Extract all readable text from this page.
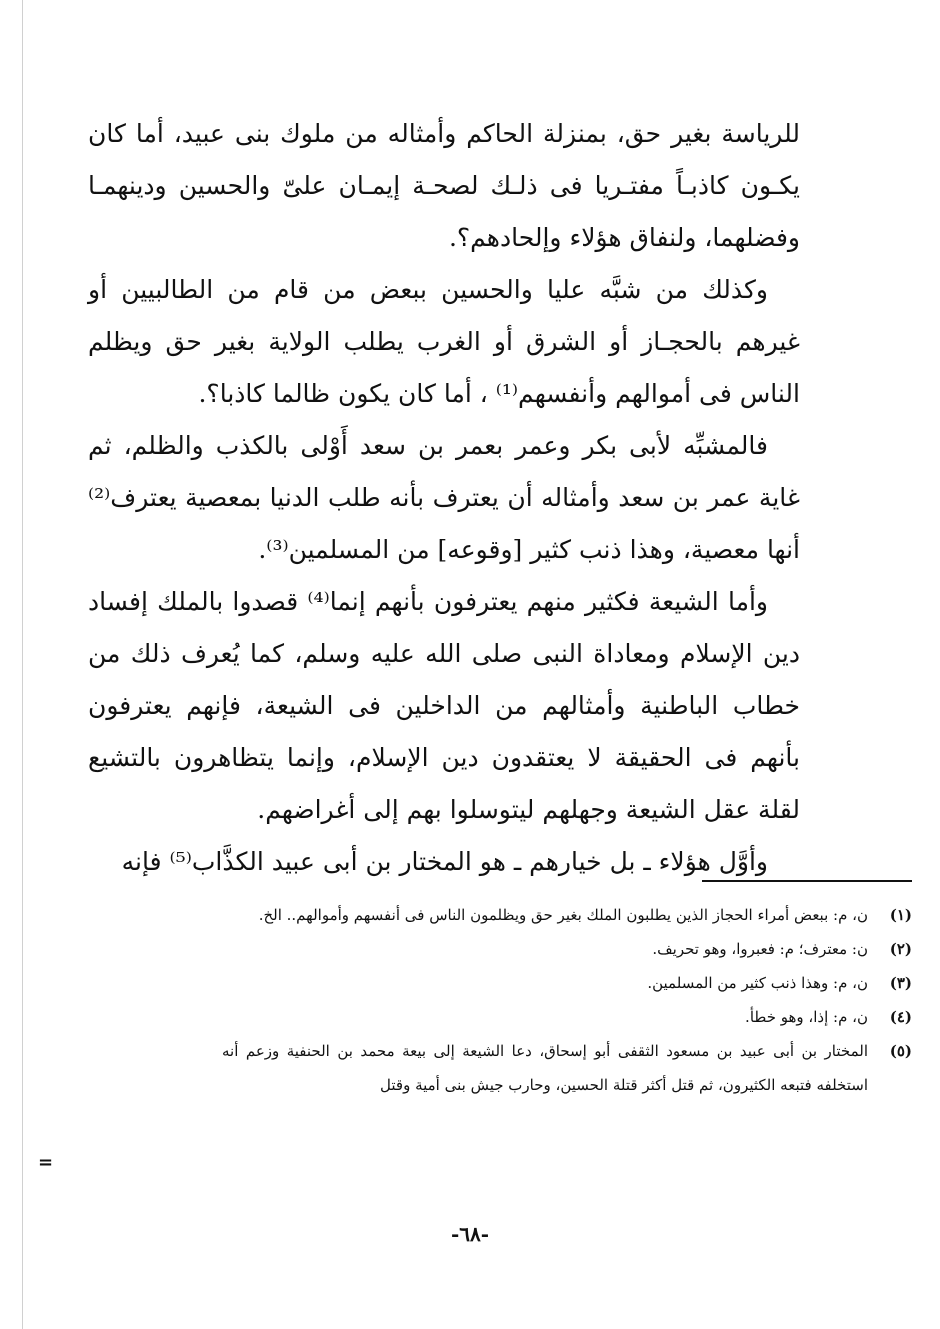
للرياسة بغير حق، بمنزلة الحاكم وأمثاله من ملوك بنى عبيد، أما كان يكـون كاذبـاً مفتـريا فى ذلـك لصحـة إيمـان علىّ والحسين ودينهمـا وفضلهما، ولنفاق هؤلاء وإلحادهم؟.

وكذلك من شبَّه عليا والحسين ببعض من قام من الطالبيين أو غيرهم بالحجـاز أو الشرق أو الغرب يطلب الولاية بغير حق ويظلم الناس فى أموالهم وأنفسهم⁽¹⁾ ، أما كان يكون ظالما كاذبا؟.

فالمشبِّه لأبى بكر وعمر بعمر بن سعد أَوْلى بالكذب والظلم، ثم غاية عمر بن سعد وأمثاله أن يعترف بأنه طلب الدنيا بمعصية يعترف⁽²⁾ أنها معصية، وهذا ذنب كثير [وقوعه] من المسلمين⁽³⁾.

وأما الشيعة فكثير منهم يعترفون بأنهم إنما⁽⁴⁾ قصدوا بالملك إفساد دين الإسلام ومعاداة النبى صلى الله عليه وسلم، كما يُعرف ذلك من خطاب الباطنية وأمثالهم من الداخلين فى الشيعة، فإنهم يعترفون بأنهم فى الحقيقة لا يعتقدون دين الإسلام، وإنما يتظاهرون بالتشيع لقلة عقل الشيعة وجهلهم ليتوسلوا بهم إلى أغراضهم.

وأوَّل هؤلاء ـ بل خيارهم ـ هو المختار بن أبى عبيد الكذَّاب⁽⁵⁾ فإنه

(١)
ن، م: ببعض أمراء الحجاز الذين يطلبون الملك بغير حق ويظلمون الناس فى أنفسهم وأموالهم.. الخ.
(٢)
ن: معترف؛ م: فعبروا، وهو تحريف.
(٣)
ن، م: وهذا ذنب كثير من المسلمين.
(٤)
ن، م: إذا، وهو خطأ.
(٥)
المختار بن أبى عبيد بن مسعود الثقفى أبو إسحاق، دعا الشيعة إلى بيعة محمد بن الحنفية وزعم أنه استخلفه فتبعه الكثيرون، ثم قتل أكثر قتلة الحسين، وحارب جيش بنى أمية وقتل
=
-٦٨-
